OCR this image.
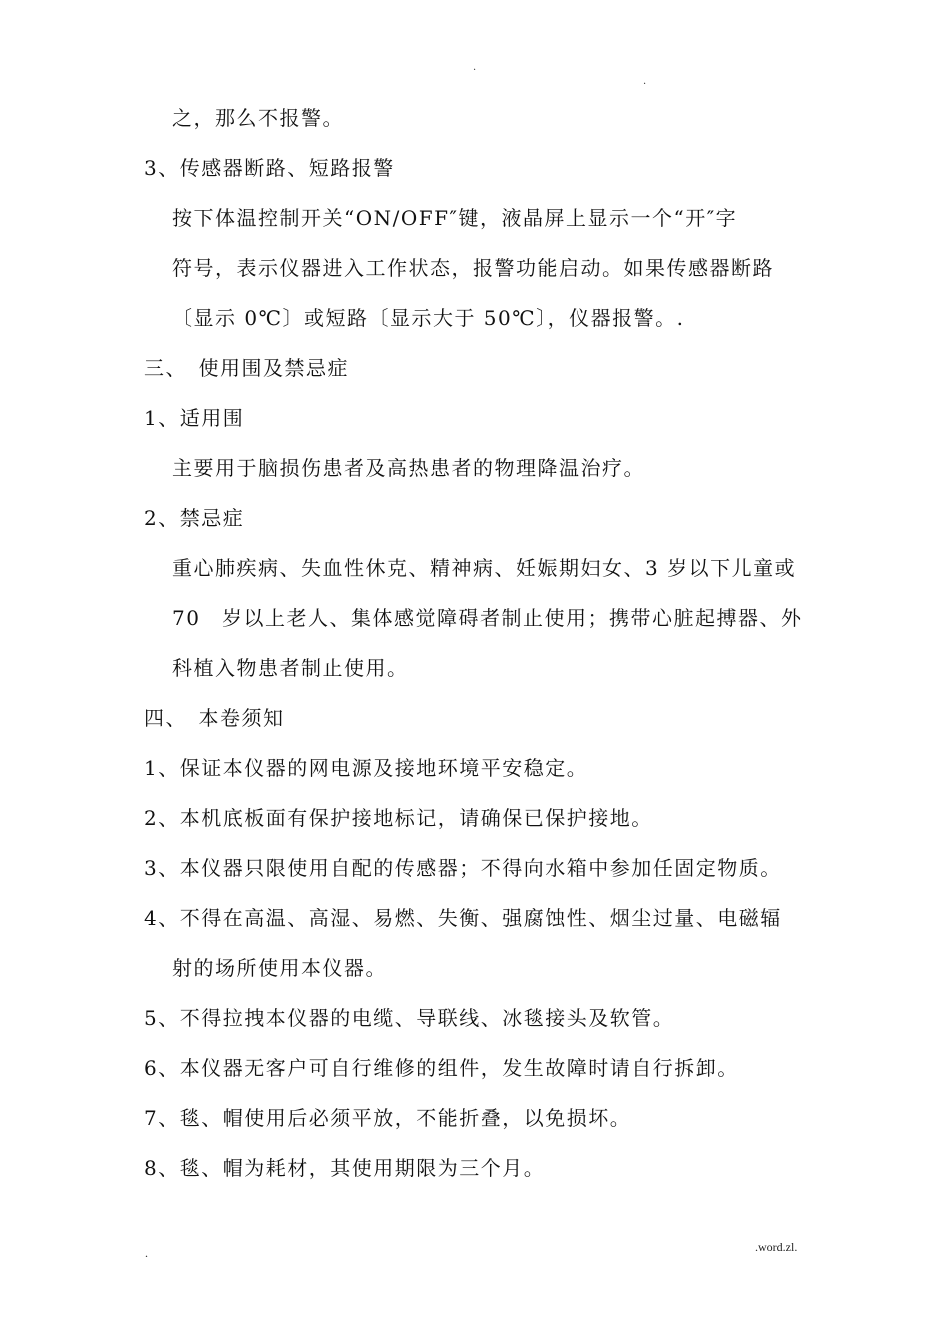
.
.
之，那么不报警。
3、传感器断路、短路报警
按下体温控制开关“ON/OFF″键，液晶屏上显示一个“开″字
符号，表示仪器进入工作状态，报警功能启动。如果传感器断路
〔显示 0℃〕或短路〔显示大于 50℃〕，仪器报警。.
三、　使用围及禁忌症
1、适用围
主要用于脑损伤患者及高热患者的物理降温治疗。
2、禁忌症
重心肺疾病、失血性休克、精神病、妊娠期妇女、3 岁以下儿童或
70　岁以上老人、集体感觉障碍者制止使用；携带心脏起搏器、外
科植入物患者制止使用。
四、　本卷须知
1、保证本仪器的网电源及接地环境平安稳定。
2、本机底板面有保护接地标记，请确保已保护接地。
3、本仪器只限使用自配的传感器；不得向水箱中参加任固定物质。
4、不得在高温、高湿、易燃、失衡、强腐蚀性、烟尘过量、电磁辐
射的场所使用本仪器。
5、不得拉拽本仪器的电缆、导联线、冰毯接头及软管。
6、本仪器无客户可自行维修的组件，发生故障时请自行拆卸。
7、毯、帽使用后必须平放，不能折叠，以免损坏。
8、毯、帽为耗材，其使用期限为三个月。
.	.word.zl.
